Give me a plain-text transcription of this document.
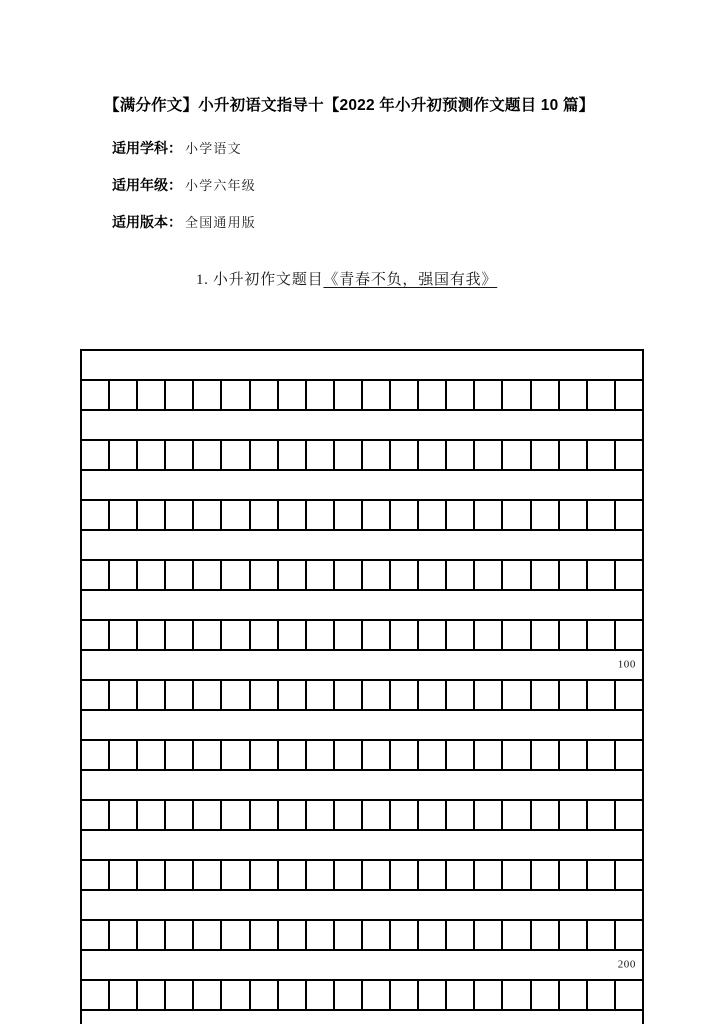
【满分作文】小升初语文指导十【2022 年小升初预测作文题目 10 篇】
适用学科： 小学语文
适用年级： 小学六年级
适用版本： 全国通用版
1. 小升初作文题目《青春不负，强国有我》
100
200
